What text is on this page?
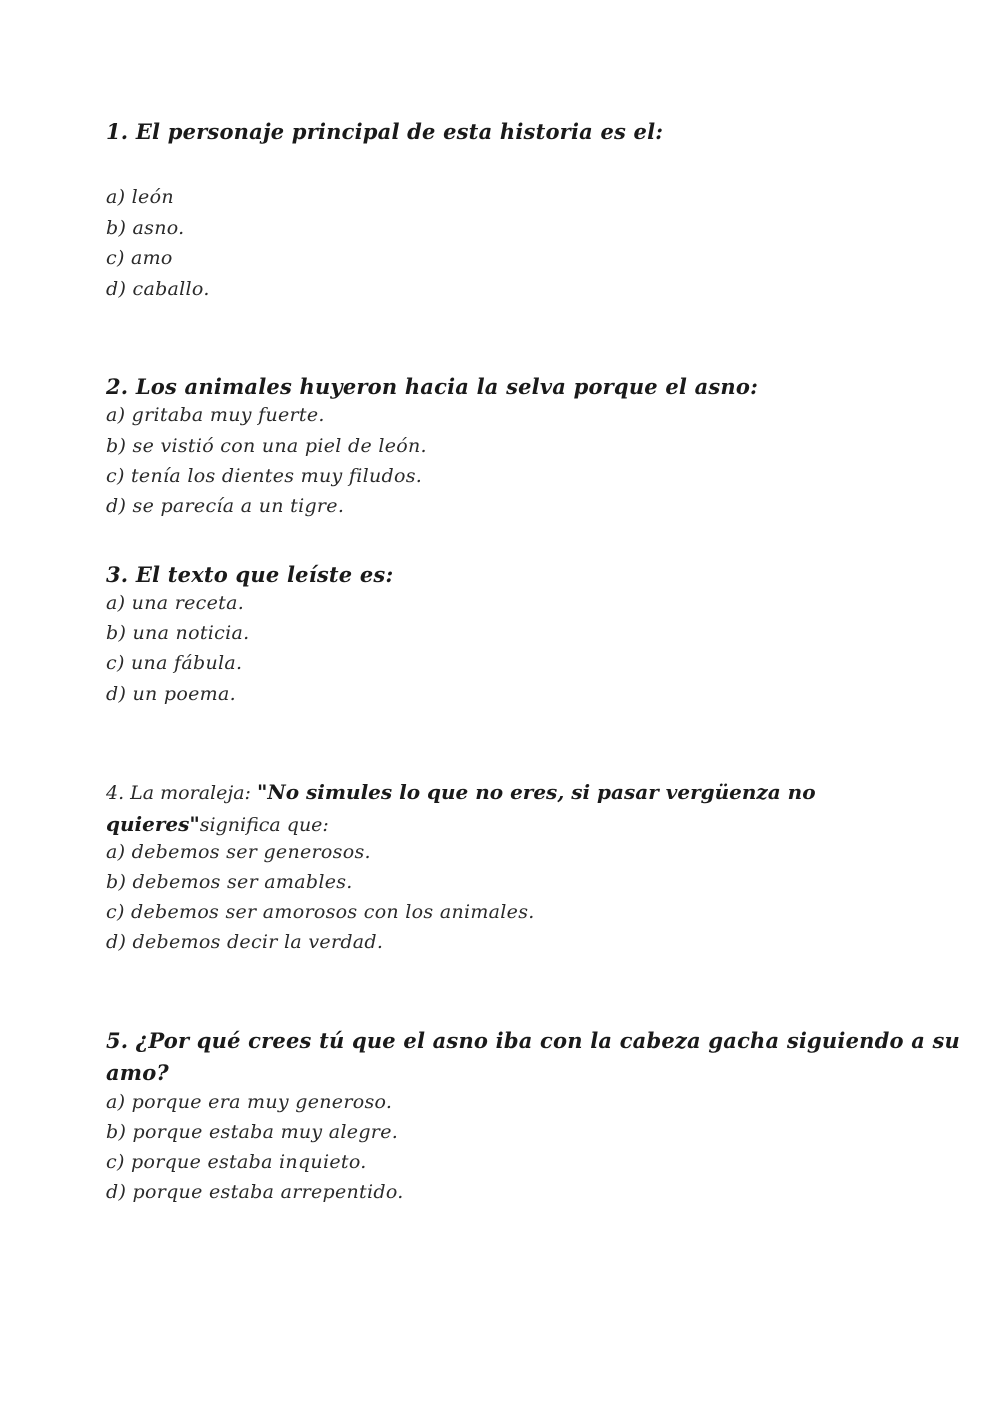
1. El personaje principal de esta historia es el:

a) león

b) asno.

c) amo

d) caballo.

2. Los animales huyeron hacia la selva porque el asno:

a) gritaba muy fuerte.

b) se vistió con una piel de león.

c) tenía los dientes muy filudos.

d) se parecía a un tigre.

3. El texto que leíste es:

a) una receta.

b) una noticia.

c) una fábula.

d) un poema.

4. La moraleja: "No simules lo que no eres, si pasar vergüenza no

quieres"significa que:

a) debemos ser generosos.

b) debemos ser amables.

c) debemos ser amorosos con los animales.

d) debemos decir la verdad.

5. ¿Por qué crees tú que el asno iba con la cabeza gacha siguiendo a su

amo?

a) porque era muy generoso.

b) porque estaba muy alegre.

c) porque estaba inquieto.

d) porque estaba arrepentido.
